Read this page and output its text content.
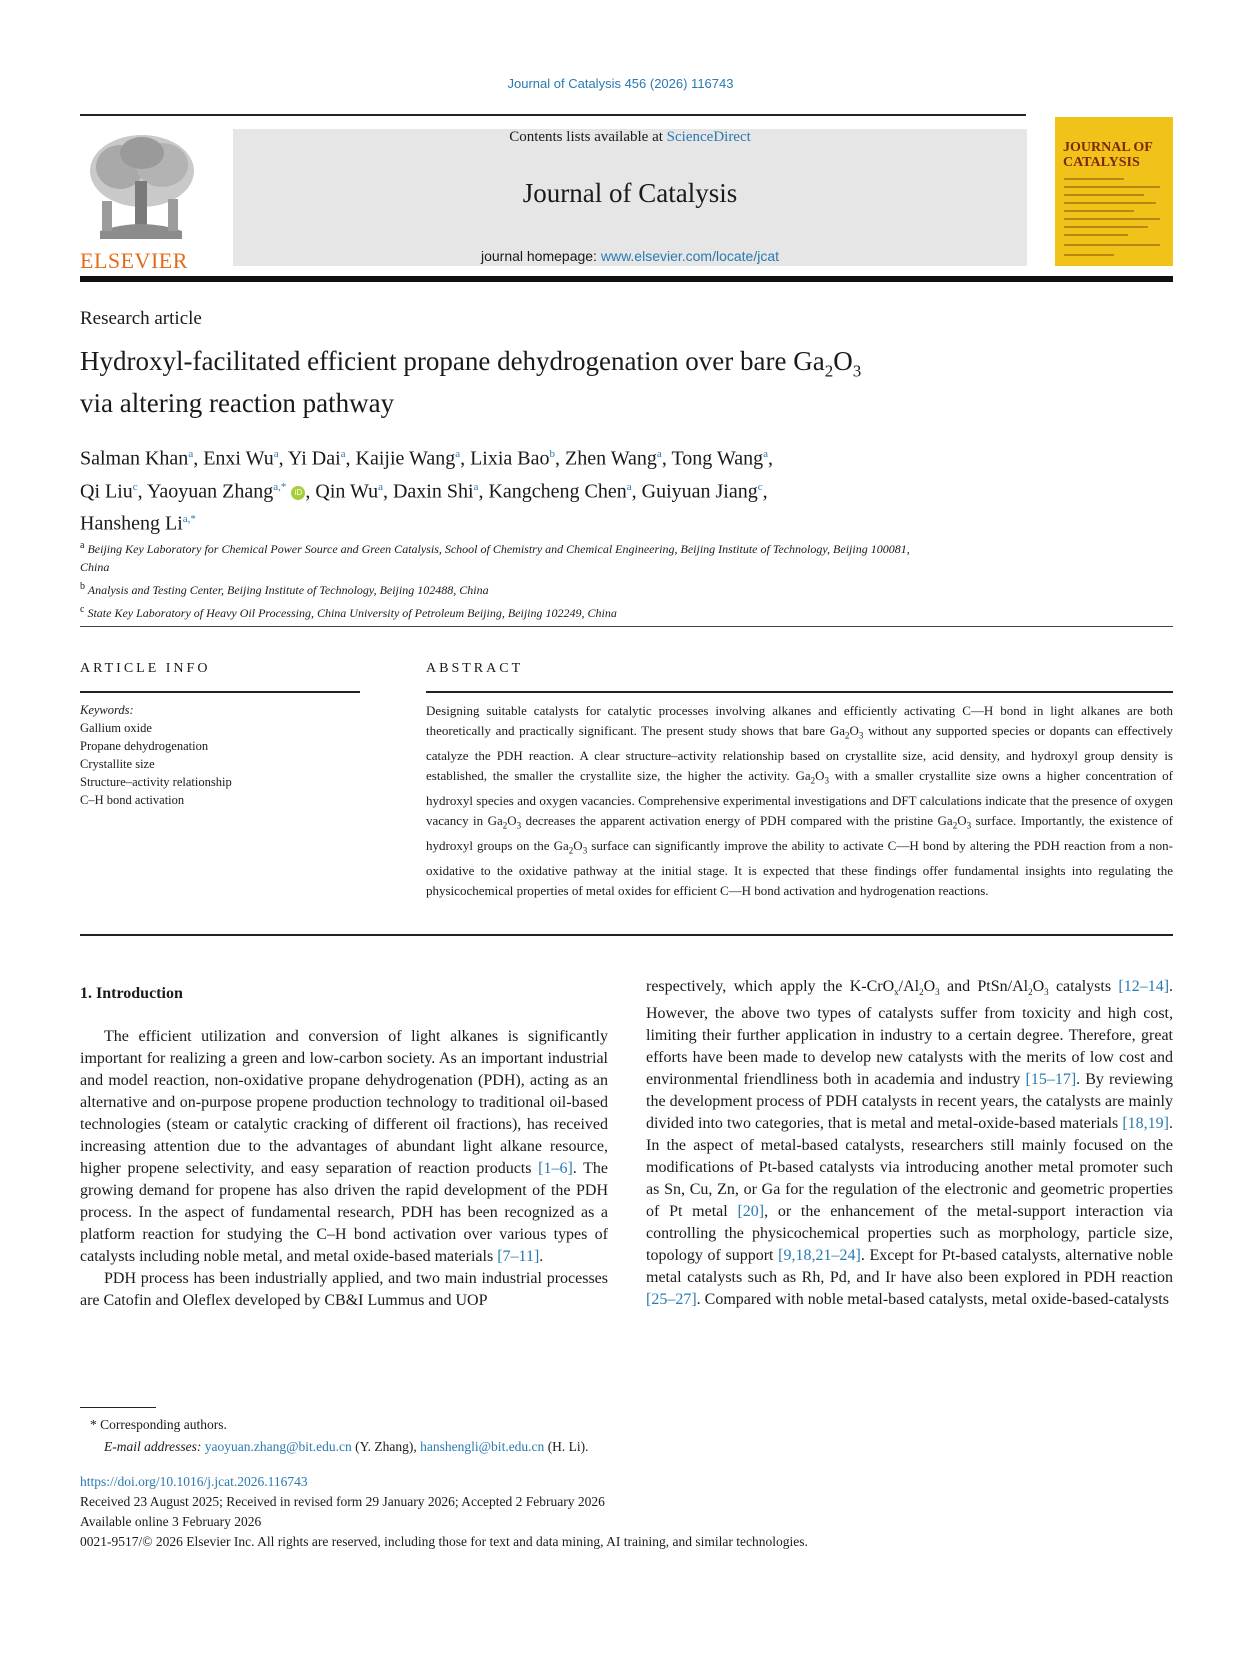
Journal of Catalysis 456 (2026) 116743
ELSEVIER
Contents lists available at ScienceDirect
Journal of Catalysis
journal homepage: www.elsevier.com/locate/jcat
JOURNAL OF
CATALYSIS
Research article
Hydroxyl-facilitated efficient propane dehydrogenation over bare $Ga_2O_3$
via altering reaction pathway
Salman Khan$^a$, Enxi Wu$^a$, Yi Dai$^a$, Kaijie Wang$^a$, Lixia Bao$^b$, Zhen Wang$^a$, Tong Wang$^a$,
Qi Liu$^c$, Yaoyuan Zhang$^{a,*}$ iD , Qin Wu$^a$, Daxin Shi$^a$, Kangcheng Chen$^a$, Guiyuan Jiang$^c$,
Hansheng $Li^{a,*}$
$^a$ Beijing Key Laboratory for Chemical Power Source and Green Catalysis, School of Chemistry and Chemical Engineering, Beijing Institute of Technology, Beijing 100081,
China
$^b$ Analysis and Testing Center, Beijing Institute of Technology, Beijing 102488, China
$^c$ State Key Laboratory of Heavy Oil Processing, China University of Petroleum Beijing, Beijing 102249, China
ARTICLE INFO
Keywords:
Gallium oxide
Propane dehydrogenation
Crystallite size
Structure–activity relationship
C–H bond activation
ABSTRACT
Designing suitable catalysts for catalytic processes involving alkanes and efficiently activating C—H bond in light alkanes are both theoretically and practically significant. The present study shows that bare $Ga_2O_3$ without any supported species or dopants can effectively catalyze the PDH reaction. A clear structure–activity relationship based on crystallite size, acid density, and hydroxyl group density is established, the smaller the crystallite size, the higher the activity. $Ga_2O_3$ with a smaller crystallite size owns a higher concentration of hydroxyl species and oxygen vacancies. Comprehensive experimental investigations and DFT calculations indicate that the presence of oxygen vacancy in $Ga_2O_3$ decreases the apparent activation energy of PDH compared with the pristine $Ga_2O_3$ surface. Importantly, the existence of hydroxyl groups on the $Ga_2O_3$ surface can significantly improve the ability to activate C—H bond by altering the PDH reaction from a non-oxidative to the oxidative pathway at the initial stage. It is expected that these findings offer fundamental insights into regulating the physicochemical properties of metal oxides for efficient C—H bond activation and hydrogenation reactions.
1. Introduction

The efficient utilization and conversion of light alkanes is significantly important for realizing a green and low-carbon society. As an important industrial and model reaction, non-oxidative propane dehydrogenation (PDH), acting as an alternative and on-purpose propene production technology to traditional oil-based technologies (steam or catalytic cracking of different oil fractions), has received increasing attention due to the advantages of abundant light alkane resource, higher propene selectivity, and easy separation of reaction products [1–6]. The growing demand for propene has also driven the rapid development of the PDH process. In the aspect of fundamental research, PDH has been recognized as a platform reaction for studying the C–H bond activation over various types of catalysts including noble metal, and metal oxide-based materials [7–11].

PDH process has been industrially applied, and two main industrial processes are Catofin and Oleflex developed by CB&I Lummus and UOP

respectively, which apply the $K-CrO_x/Al_2O_3$ and PtSn/$Al_2O_3$ catalysts [12–14]. However, the above two types of catalysts suffer from toxicity and high cost, limiting their further application in industry to a certain degree. Therefore, great efforts have been made to develop new catalysts with the merits of low cost and environmental friendliness both in academia and industry [15–17]. By reviewing the development process of PDH catalysts in recent years, the catalysts are mainly divided into two categories, that is metal and metal-oxide-based materials [18,19]. In the aspect of metal-based catalysts, researchers still mainly focused on the modifications of Pt-based catalysts via introducing another metal promoter such as Sn, Cu, Zn, or Ga for the regulation of the electronic and geometric properties of Pt metal [20], or the enhancement of the metal-support interaction via controlling the physicochemical properties such as morphology, particle size, topology of support [9,18,21–24]. Except for Pt-based catalysts, alternative noble metal catalysts such as Rh, Pd, and Ir have also been explored in PDH reaction [25–27]. Compared with noble metal-based catalysts, metal oxide-based-catalysts

* Corresponding authors.
E-mail addresses: yaoyuan.zhang@bit.edu.cn (Y. Zhang), hanshengli@bit.edu.cn (H. Li).
https://doi.org/10.1016/j.jcat.2026.116743
Received 23 August 2025; Received in revised form 29 January 2026; Accepted 2 February 2026
Available online 3 February 2026
0021-9517/© 2026 Elsevier Inc. All rights are reserved, including those for text and data mining, AI training, and similar technologies.
